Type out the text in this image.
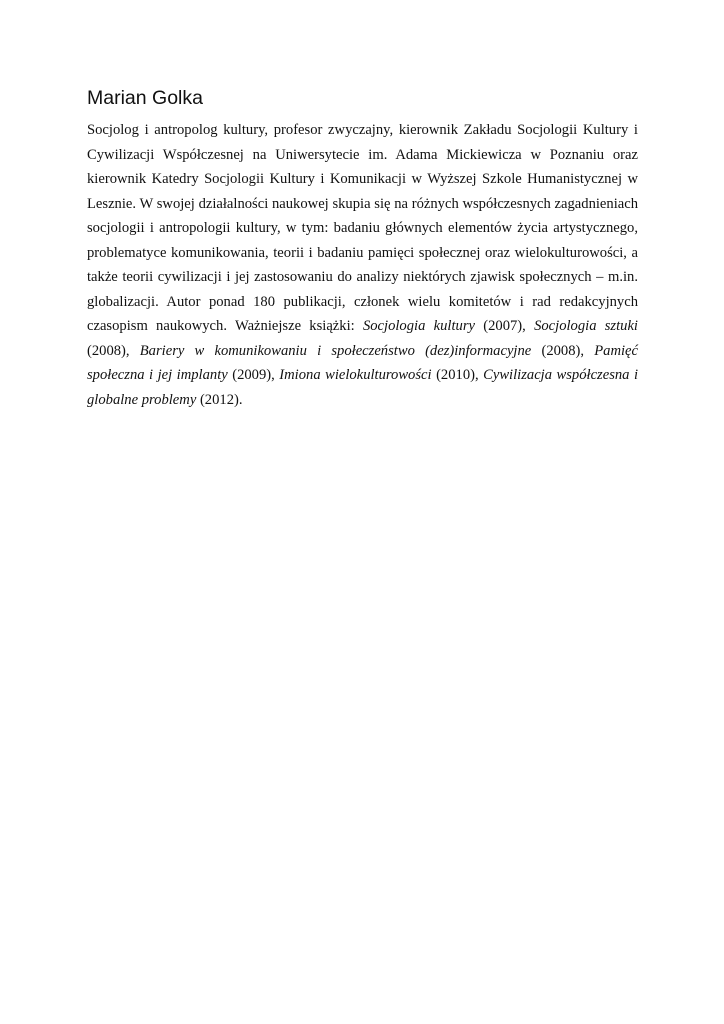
Marian Golka

Socjolog i antropolog kultury, profesor zwyczajny, kierownik Zakładu Socjologii Kultury i Cywilizacji Współczesnej na Uniwersytecie im. Adama Mickiewicza w Poznaniu oraz kierownik Katedry Socjologii Kultury i Komunikacji w Wyższej Szkole Humanistycznej w Lesznie. W swojej działalności naukowej skupia się na różnych współczesnych zagadnieniach socjologii i antropologii kultury, w tym: badaniu głównych elementów życia artystycznego, problematyce komunikowania, teorii i badaniu pamięci społecznej oraz wielokulturowości, a także teorii cywilizacji i jej zastosowaniu do analizy niektórych zjawisk społecznych – m.in. globalizacji. Autor ponad 180 publikacji, członek wielu komitetów i rad redakcyjnych czasopism naukowych. Ważniejsze książki: Socjologia kultury (2007), Socjologia sztuki (2008), Bariery w komunikowaniu i społeczeństwo (dez)informacyjne (2008), Pamięć społeczna i jej implanty (2009), Imiona wielokulturowości (2010), Cywilizacja współczesna i globalne problemy (2012).
